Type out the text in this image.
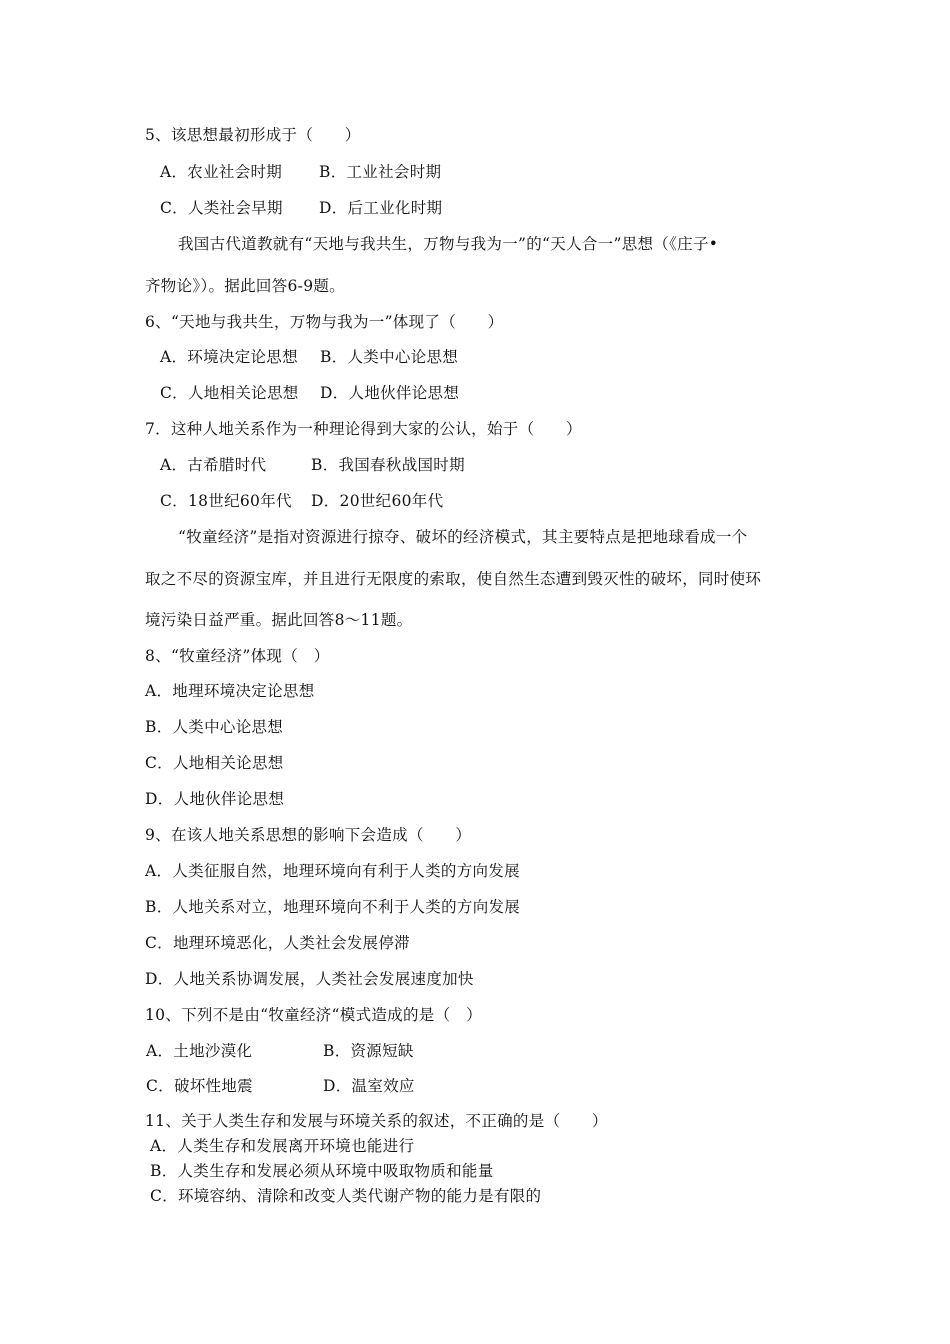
5、该思想最初形成于（　　）
A．农业社会时期 B．工业社会时期
C．人类社会早期 D．后工业化时期
我国古代道教就有“天地与我共生，万物与我为一”的“天人合一”思想（《庄子•
齐物论》）。据此回答6-9题。
6、“天地与我共生，万物与我为一”体现了（　　）
A．环境决定论思想 B．人类中心论思想
C．人地相关论思想 D．人地伙伴论思想
7．这种人地关系作为一种理论得到大家的公认，始于（　　）
A．古希腊时代	B．我国春秋战国时期
C．18世纪60年代 D．20世纪60年代
“牧童经济”是指对资源进行掠夺、破坏的经济模式，其主要特点是把地球看成一个
取之不尽的资源宝库，并且进行无限度的索取，使自然生态遭到毁灭性的破坏，同时使环
境污染日益严重。据此回答8～11题。
8、“牧童经济”体现（　）
A．地理环境决定论思想
B．人类中心论思想
C．人地相关论思想
D．人地伙伴论思想
9、在该人地关系思想的影响下会造成（　　）
A．人类征服自然，地理环境向有利于人类的方向发展
B．人地关系对立，地理环境向不利于人类的方向发展
C．地理环境恶化，人类社会发展停滞
D．人地关系协调发展，人类社会发展速度加快
10、下列不是由“牧童经济“模式造成的是（　）
A．土地沙漠化	B．资源短缺
C．破坏性地震	D．温室效应
11、关于人类生存和发展与环境关系的叙述，不正确的是（　　）
A．人类生存和发展离开环境也能进行
B．人类生存和发展必须从环境中吸取物质和能量
C．环境容纳、清除和改变人类代谢产物的能力是有限的
